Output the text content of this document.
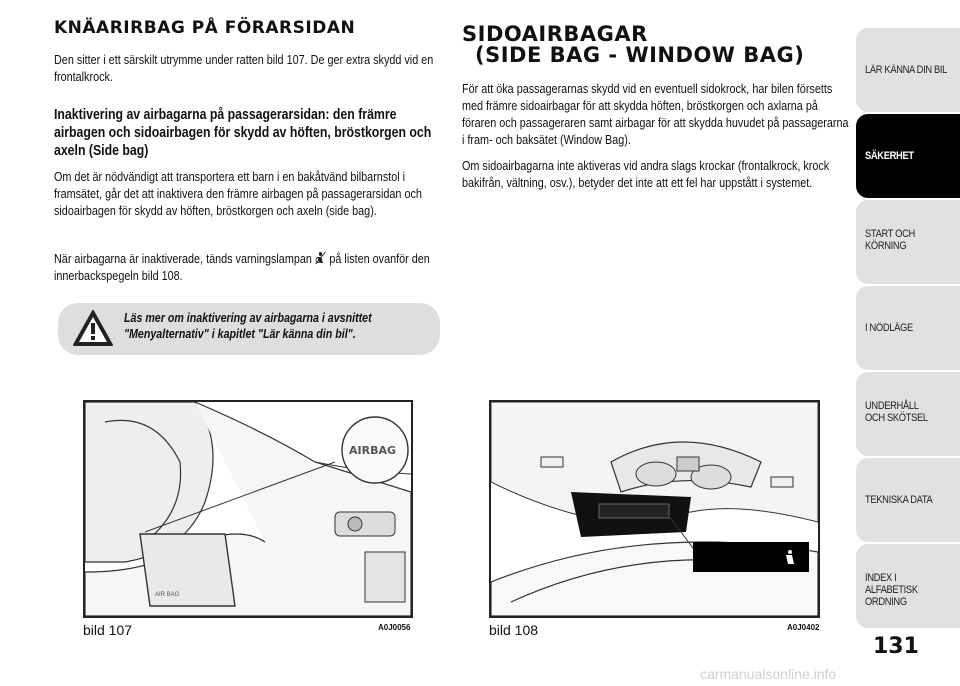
KNÄARIRBAG PÅ FÖRARSIDAN
Den sitter i ett särskilt utrymme under ratten bild 107. De ger extra skydd vid en frontalkrock.
Inaktivering av airbagarna på passagerarsidan: den främre airbagen och sidoairbagen för skydd av höften, bröstkorgen och axeln (Side bag)
Om det är nödvändigt att transportera ett barn i en bakåtvänd bilbarnstol i framsätet, går det att inaktivera den främre airbagen på passagerarsidan och sidoairbagen för skydd av höften, bröstkorgen och axeln (side bag).
När airbagarna är inaktiverade, tänds varningslampan på listen ovanför den innerbackspegeln bild 108.
Läs mer om inaktivering av airbagarna i avsnittet "Menyalternativ" i kapitlet "Lär känna din bil".
SIDOAIRBAGAR
(SIDE BAG - WINDOW BAG)
För att öka passagerarnas skydd vid en eventuell sidokrock, har bilen försetts med främre sidoairbagar för att skydda höften, bröstkorgen och axlarna på föraren och passageraren samt airbagar för att skydda huvudet på passagerarna i fram- och baksätet (Window Bag).
Om sidoairbagarna inte aktiveras vid andra slags krockar (frontalkrock, krock bakifrån, vältning, osv.), betyder det inte att ett fel har uppstått i systemet.
AIR BAG
AIRBAG
bild 107	A0J0056	bild 108	A0J0402
LÄR KÄNNA DIN BIL
SÄKERHET
START OCH KÖRNING
I NÖDLÄGE
UNDERHÅLL OCH SKÖTSEL
TEKNISKA DATA
INDEX I ALFABETISK ORDNING
131
carmanualsonline.info
